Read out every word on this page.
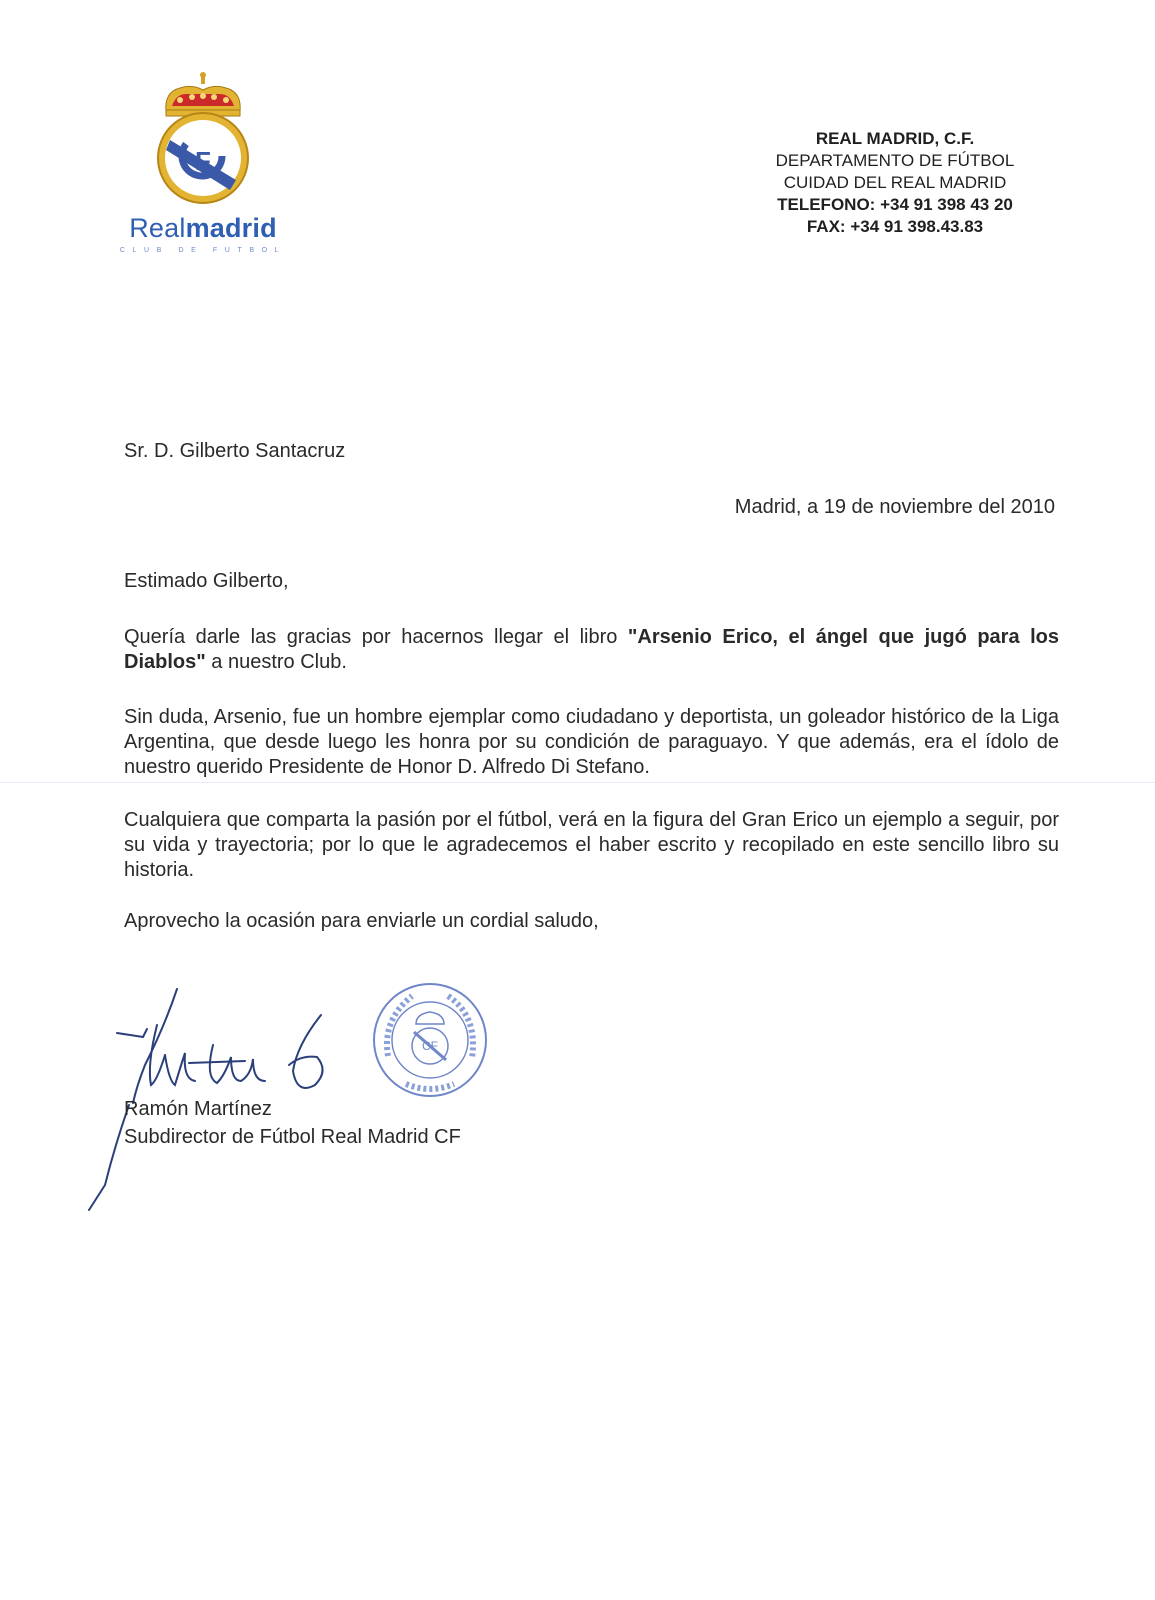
F
Realmadrid
CLUB DE FUTBOL
REAL MADRID, C.F.
DEPARTAMENTO DE FÚTBOL
CUIDAD DEL REAL MADRID
TELEFONO: +34 91 398 43 20
FAX: +34 91 398.43.83
Sr. D. Gilberto Santacruz
Madrid, a 19 de noviembre del 2010
Estimado Gilberto,
Quería darle las gracias por hacernos llegar el libro "Arsenio Erico, el ángel que jugó para los Diablos" a nuestro Club.
Sin duda, Arsenio, fue un hombre ejemplar como ciudadano y deportista, un goleador histórico de la Liga Argentina, que desde luego les honra por su condición de paraguayo. Y que además, era el ídolo de nuestro querido Presidente de Honor D. Alfredo Di Stefano.
Cualquiera que comparta la pasión por el fútbol, verá en la figura del Gran Erico un ejemplo a seguir, por su vida y trayectoria; por lo que le agradecemos el haber escrito y recopilado en este sencillo libro su historia.
Aprovecho la ocasión para enviarle un cordial saludo,
CF
Ramón Martínez
Subdirector de Fútbol Real Madrid CF
